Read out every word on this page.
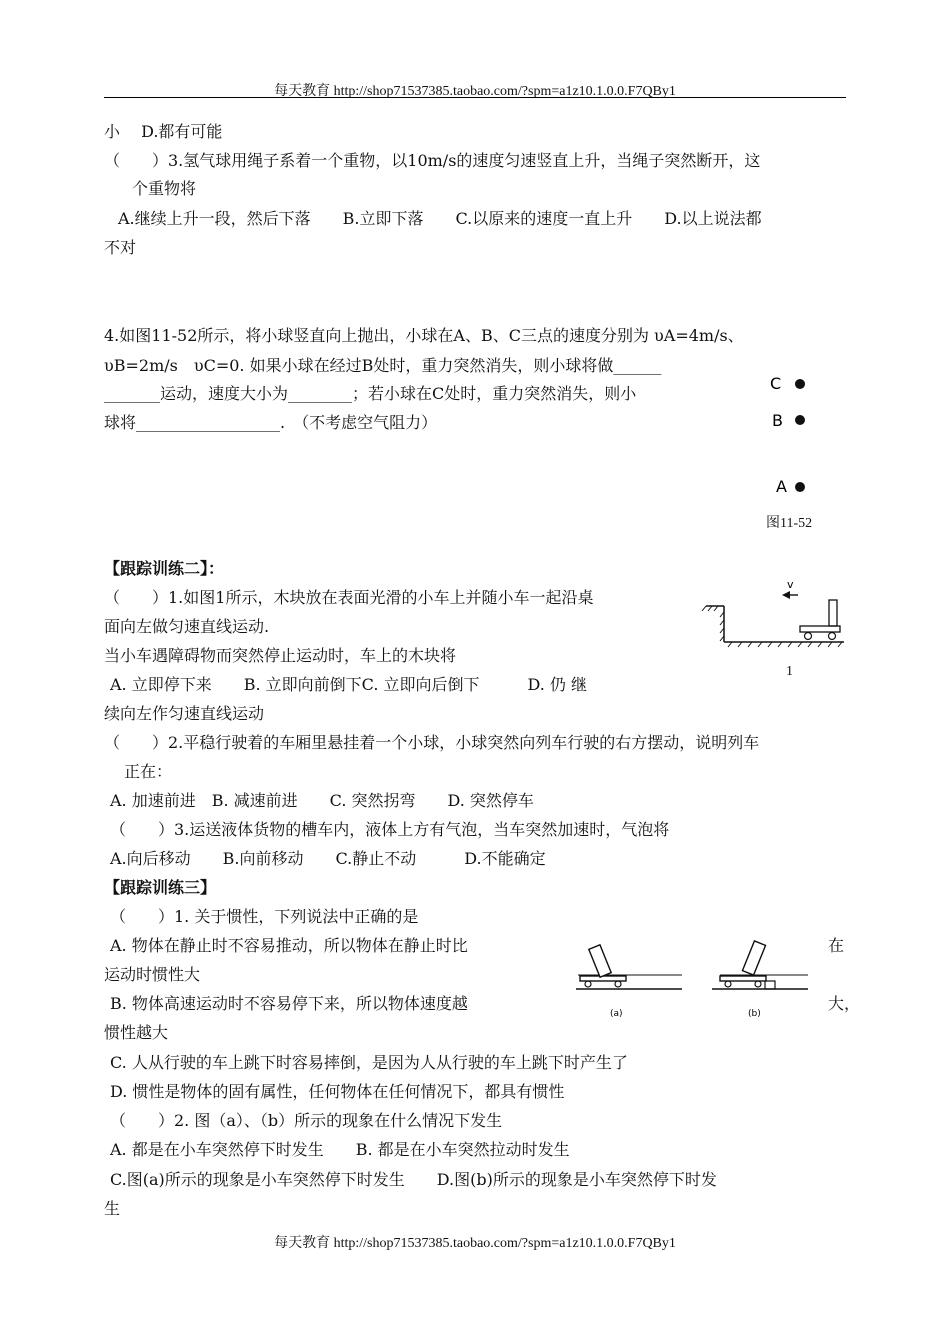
每天教育 http://shop71537385.taobao.com/?spm=a1z10.1.0.0.F7QBy1
小　 D.都有可能
（　　）3.氢气球用绳子系着一个重物，以10m/s的速度匀速竖直上升，当绳子突然断开，这
个重物将
A.继续上升一段，然后下落　　B.立即下落　　C.以原来的速度一直上升　　D.以上说法都
不对
4.如图11-52所示，将小球竖直向上抛出，小球在A、B、C三点的速度分别为 υA=4m/s、
υB=2m/s　υC=0. 如果小球在经过B处时，重力突然消失，则小球将做______
_______运动，速度大小为________；若小球在C处时，重力突然消失，则小
球将__________________.　（不考虑空气阻力）
C
B
A
图11-52
【跟踪训练二】：
（　　）1.如图1所示，木块放在表面光滑的小车上并随小车一起沿桌
面向左做匀速直线运动.
当小车遇障碍物而突然停止运动时，车上的木块将
A. 立即停下来　　B. 立即向前倒下C. 立即向后倒下　　　D. 仍 继
续向左作匀速直线运动
v
1
（　　）2.平稳行驶着的车厢里悬挂着一个小球，小球突然向列车行驶的右方摆动，说明列车
正在：
A. 加速前进　B. 减速前进　　C. 突然拐弯　　D. 突然停车
（　　）3.运送液体货物的槽车内，液体上方有气泡，当车突然加速时，气泡将
A.向后移动　　B.向前移动　　C.静止不动　　　D.不能确定
【跟踪训练三】
（　　）1. 关于惯性，下列说法中正确的是
A. 物体在静止时不容易推动，所以物体在静止时比	在
运动时惯性大
B. 物体高速运动时不容易停下来，所以物体速度越	大，
惯性越大
(a)	(b)
C. 人从行驶的车上跳下时容易摔倒，是因为人从行驶的车上跳下时产生了
D. 惯性是物体的固有属性，任何物体在任何情况下，都具有惯性
（　　）2. 图（a）、（b）所示的现象在什么情况下发生
A. 都是在小车突然停下时发生　　B. 都是在小车突然拉动时发生
C.图(a)所示的现象是小车突然停下时发生　　D.图(b)所示的现象是小车突然停下时发
生
每天教育 http://shop71537385.taobao.com/?spm=a1z10.1.0.0.F7QBy1
